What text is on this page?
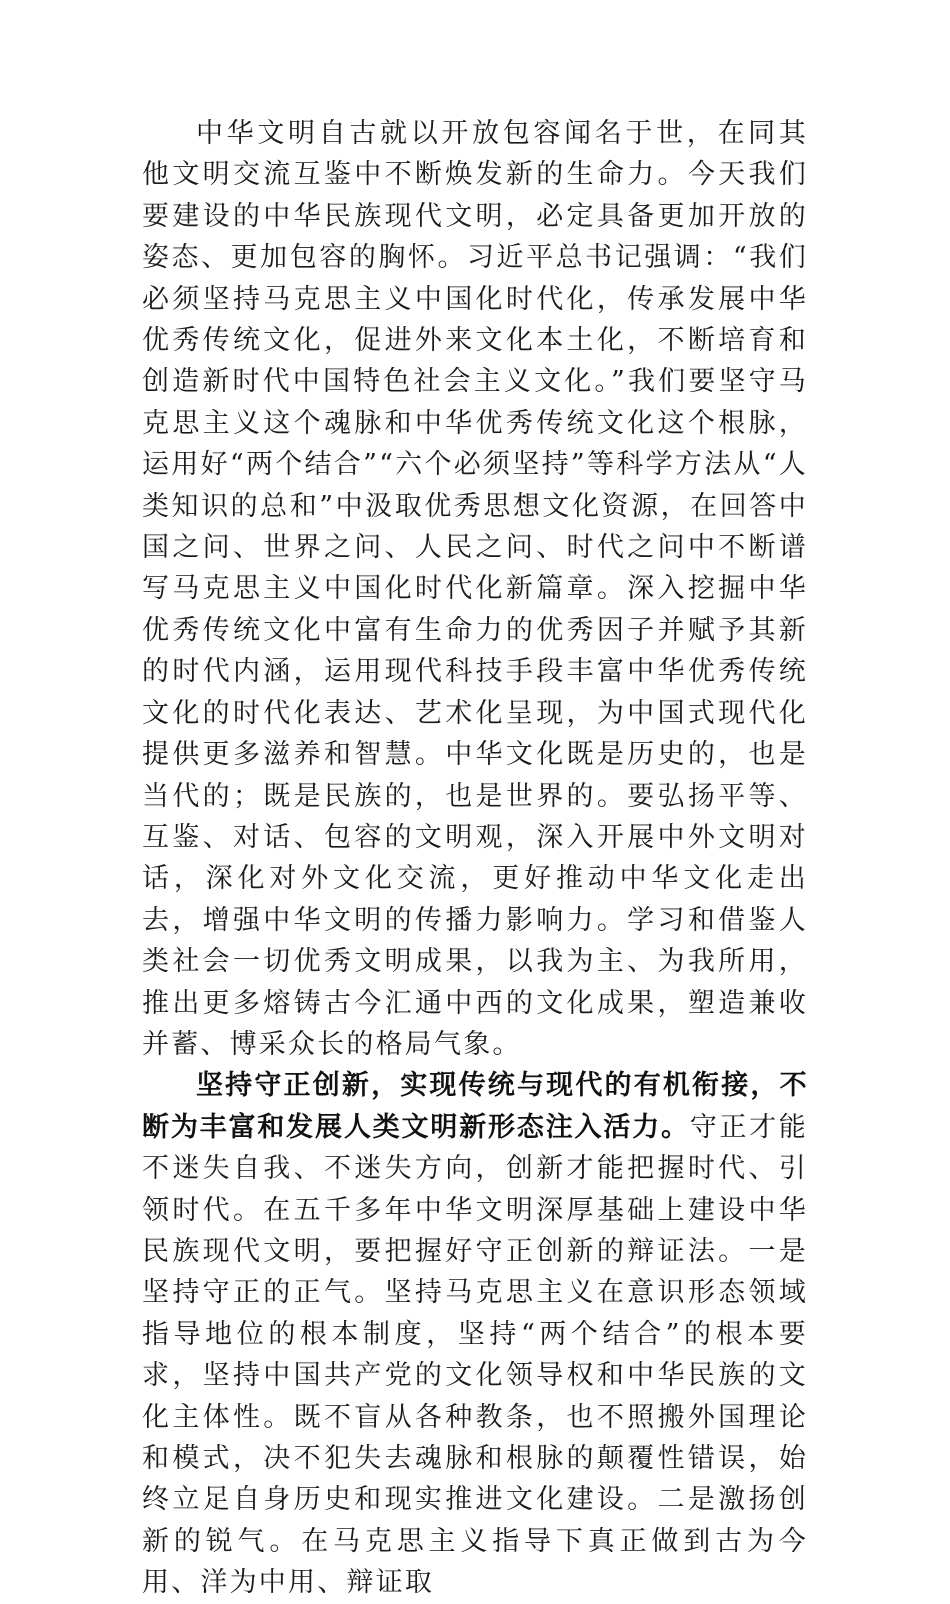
中华文明自古就以开放包容闻名于世，在同其他文明交流互鉴中不断焕发新的生命力。今天我们要建设的中华民族现代文明，必定具备更加开放的姿态、更加包容的胸怀。习近平总书记强调：“我们必须坚持马克思主义中国化时代化，传承发展中华优秀传统文化，促进外来文化本土化，不断培育和创造新时代中国特色社会主义文化。”我们要坚守马克思主义这个魂脉和中华优秀传统文化这个根脉，运用好“两个结合”“六个必须坚持”等科学方法从“人类知识的总和”中汲取优秀思想文化资源，在回答中国之问、世界之问、人民之问、时代之问中不断谱写马克思主义中国化时代化新篇章。深入挖掘中华优秀传统文化中富有生命力的优秀因子并赋予其新的时代内涵，运用现代科技手段丰富中华优秀传统文化的时代化表达、艺术化呈现，为中国式现代化提供更多滋养和智慧。中华文化既是历史的，也是当代的；既是民族的，也是世界的。要弘扬平等、互鉴、对话、包容的文明观，深入开展中外文明对话，深化对外文化交流，更好推动中华文化走出去，增强中华文明的传播力影响力。学习和借鉴人类社会一切优秀文明成果，以我为主、为我所用，推出更多熔铸古今汇通中西的文化成果，塑造兼收并蓄、博采众长的格局气象。

坚持守正创新，实现传统与现代的有机衔接，不断为丰富和发展人类文明新形态注入活力。守正才能不迷失自我、不迷失方向，创新才能把握时代、引领时代。在五千多年中华文明深厚基础上建设中华民族现代文明，要把握好守正创新的辩证法。一是坚持守正的正气。坚持马克思主义在意识形态领域指导地位的根本制度，坚持“两个结合”的根本要求，坚持中国共产党的文化领导权和中华民族的文化主体性。既不盲从各种教条，也不照搬外国理论和模式，决不犯失去魂脉和根脉的颠覆性错误，始终立足自身历史和现实推进文化建设。二是激扬创新的锐气。在马克思主义指导下真正做到古为今用、洋为中用、辩证取
